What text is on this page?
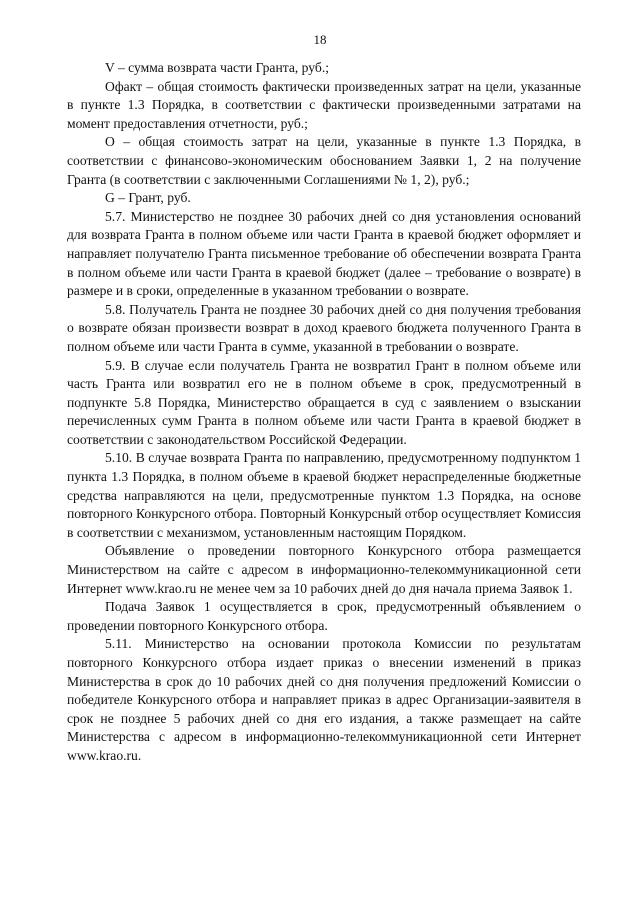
18

V – сумма возврата части Гранта, руб.;

Офакт – общая стоимость фактически произведенных затрат на цели, указанные в пункте 1.3 Порядка, в соответствии с фактически произведенными затратами на момент предоставления отчетности, руб.;

О – общая стоимость затрат на цели, указанные в пункте 1.3 Порядка, в соответствии с финансово-экономическим обоснованием Заявки 1, 2 на получение Гранта (в соответствии с заключенными Соглашениями № 1, 2), руб.;

G – Грант, руб.

5.7. Министерство не позднее 30 рабочих дней со дня установления оснований для возврата Гранта в полном объеме или части Гранта в краевой бюджет оформляет и направляет получателю Гранта письменное требование об обеспечении возврата Гранта в полном объеме или части Гранта в краевой бюджет (далее – требование о возврате) в размере и в сроки, определенные в указанном требовании о возврате.

5.8. Получатель Гранта не позднее 30 рабочих дней со дня получения требования о возврате обязан произвести возврат в доход краевого бюджета полученного Гранта в полном объеме или части Гранта в сумме, указанной в требовании о возврате.

5.9. В случае если получатель Гранта не возвратил Грант в полном объеме или часть Гранта или возвратил его не в полном объеме в срок, предусмотренный в подпункте 5.8 Порядка, Министерство обращается в суд с заявлением о взыскании перечисленных сумм Гранта в полном объеме или части Гранта в краевой бюджет в соответствии с законодательством Российской Федерации.

5.10. В случае возврата Гранта по направлению, предусмотренному подпунктом 1 пункта 1.3 Порядка, в полном объеме в краевой бюджет нераспределенные бюджетные средства направляются на цели, предусмотренные пунктом 1.3 Порядка, на основе повторного Конкурсного отбора. Повторный Конкурсный отбор осуществляет Комиссия в соответствии с механизмом, установленным настоящим Порядком.

Объявление о проведении повторного Конкурсного отбора размещается Министерством на сайте с адресом в информационно-телекоммуникационной сети Интернет www.krao.ru не менее чем за 10 рабочих дней до дня начала приема Заявок 1.

Подача Заявок 1 осуществляется в срок, предусмотренный объявлением о проведении повторного Конкурсного отбора.

5.11. Министерство на основании протокола Комиссии по результатам повторного Конкурсного отбора издает приказ о внесении изменений в приказ Министерства в срок до 10 рабочих дней со дня получения предложений Комиссии о победителе Конкурсного отбора и направляет приказ в адрес Организации-заявителя в срок не позднее 5 рабочих дней со дня его издания, а также размещает на сайте Министерства с адресом в информационно-телекоммуникационной сети Интернет www.krao.ru.
